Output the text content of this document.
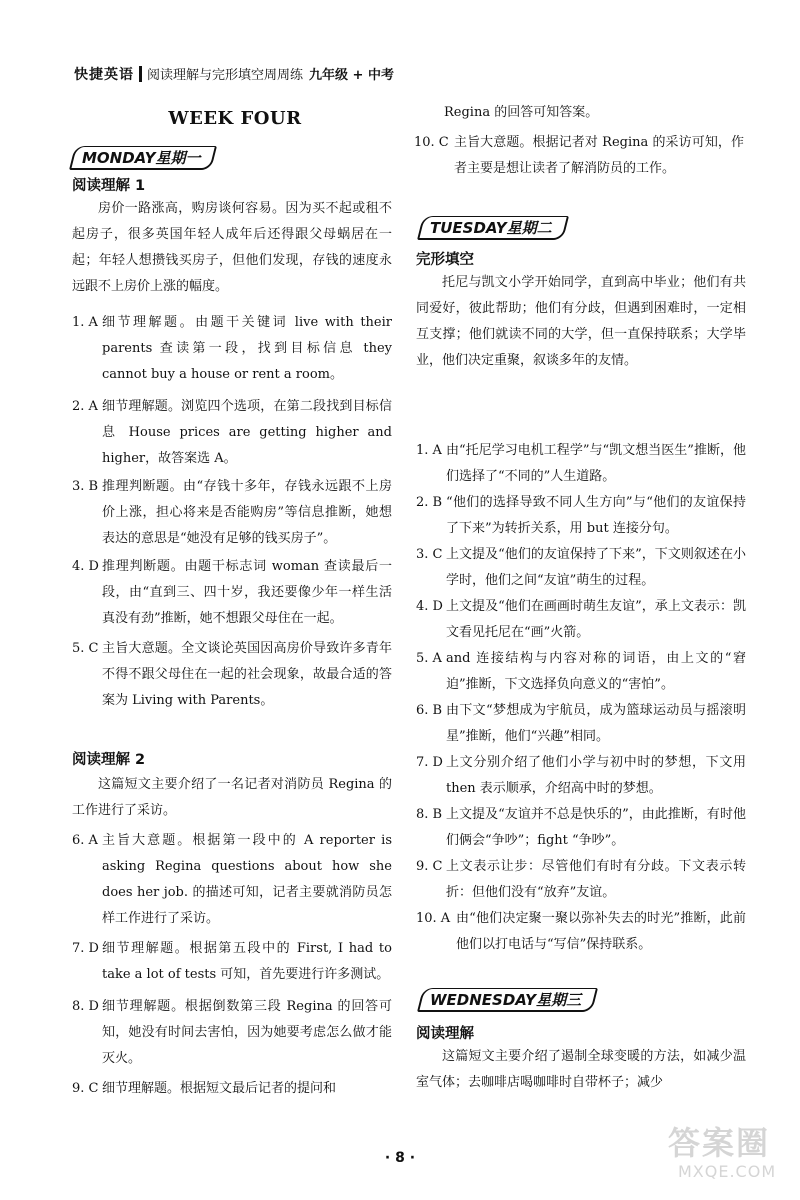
快捷英语 阅读理解与完形填空周周练 九年级 + 中考
WEEK FOUR
MONDAY星期一
阅读理解 1
房价一路涨高，购房谈何容易。因为买不起或租不起房子，很多英国年轻人成年后还得跟父母蜗居在一起；年轻人想攒钱买房子，但他们发现，存钱的速度永远跟不上房价上涨的幅度。
1. A 细节理解题。由题干关键词 live with their parents 查读第一段，找到目标信息 they cannot buy a house or rent a room。
2. A 细节理解题。浏览四个选项，在第二段找到目标信息 House prices are getting higher and higher，故答案选 A。
3. B 推理判断题。由“存钱十多年，存钱永远跟不上房价上涨，担心将来是否能购房”等信息推断，她想表达的意思是“她没有足够的钱买房子”。
4. D 推理判断题。由题干标志词 woman 查读最后一段，由“直到三、四十岁，我还要像少年一样生活真没有劲”推断，她不想跟父母住在一起。
5. C 主旨大意题。全文谈论英国因高房价导致许多青年不得不跟父母住在一起的社会现象，故最合适的答案为 Living with Parents。
阅读理解 2
这篇短文主要介绍了一名记者对消防员 Regina 的工作进行了采访。
6. A 主旨大意题。根据第一段中的 A reporter is asking Regina questions about how she does her job. 的描述可知，记者主要就消防员怎样工作进行了采访。
7. D 细节理解题。根据第五段中的 First, I had to take a lot of tests 可知，首先要进行许多测试。
8. D 细节理解题。根据倒数第三段 Regina 的回答可知，她没有时间去害怕，因为她要考虑怎么做才能灭火。
9. C 细节理解题。根据短文最后记者的提问和
Regina 的回答可知答案。
10. C 主旨大意题。根据记者对 Regina 的采访可知，作者主要是想让读者了解消防员的工作。
TUESDAY星期二
完形填空
托尼与凯文小学开始同学，直到高中毕业；他们有共同爱好，彼此帮助；他们有分歧，但遇到困难时，一定相互支撑；他们就读不同的大学，但一直保持联系；大学毕业，他们决定重聚，叙谈多年的友情。
1. A 由“托尼学习电机工程学”与“凯文想当医生”推断，他们选择了“不同的”人生道路。
2. B “他们的选择导致不同人生方向”与“他们的友谊保持了下来”为转折关系，用 but 连接分句。
3. C 上文提及“他们的友谊保持了下来”，下文则叙述在小学时，他们之间“友谊”萌生的过程。
4. D 上文提及“他们在画画时萌生友谊”，承上文表示：凯文看见托尼在“画”火箭。
5. A and 连接结构与内容对称的词语，由上文的“窘迫”推断，下文选择负向意义的“害怕”。
6. B 由下文“梦想成为宇航员，成为篮球运动员与摇滚明星”推断，他们“兴趣”相同。
7. D 上文分别介绍了他们小学与初中时的梦想，下文用 then 表示顺承，介绍高中时的梦想。
8. B 上文提及“友谊并不总是快乐的”，由此推断，有时他们俩会“争吵”；fight “争吵”。
9. C 上文表示让步：尽管他们有时有分歧。下文表示转折：但他们没有“放弃”友谊。
10. A 由“他们决定聚一聚以弥补失去的时光”推断，此前他们以打电话与“写信”保持联系。
WEDNESDAY星期三
阅读理解
这篇短文主要介绍了遏制全球变暖的方法，如减少温室气体；去咖啡店喝咖啡时自带杯子；减少
· 8 ·	答案圈
MXQE.COM
